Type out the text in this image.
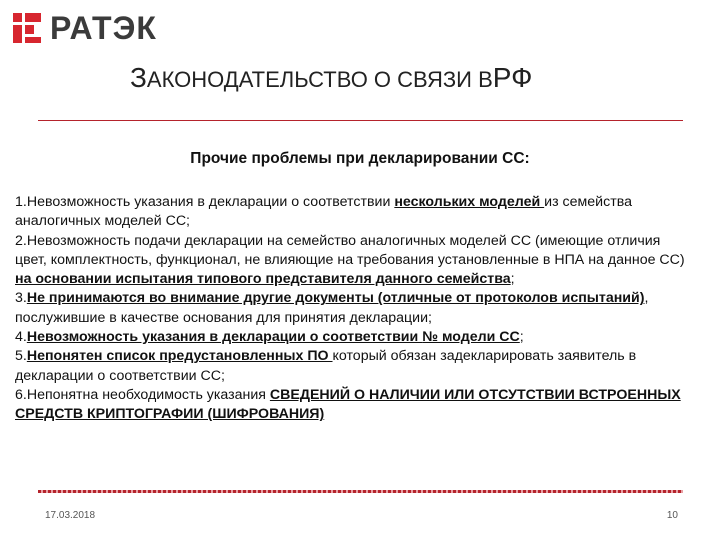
РАТЭК
ЗАКОНОДАТЕЛЬСТВО О СВЯЗИ ВРФ
Прочие проблемы при декларировании СС:

1.Невозможность указания в декларации о соответствии нескольких моделей из семейства аналогичных моделей СС;

2.Невозможность подачи декларации на семейство аналогичных моделей СС (имеющие отличия цвет, комплектность, функционал, не влияющие на требования установленные в НПА на данное СС) на основании испытания типового представителя данного семейства;

3.Не принимаются во внимание другие документы (отличные от протоколов испытаний), послужившие в качестве основания для принятия декларации;

4.Невозможность указания в декларации о соответствии № модели СС;

5.Непонятен список предустановленных ПО который обязан задекларировать заявитель в декларации о соответствии СС;

6.Непонятна необходимость указания СВЕДЕНИЙ О НАЛИЧИИ ИЛИ ОТСУТСТВИИ ВСТРОЕННЫХ СРЕДСТВ КРИПТОГРАФИИ (ШИФРОВАНИЯ)

17.03.2018	10
